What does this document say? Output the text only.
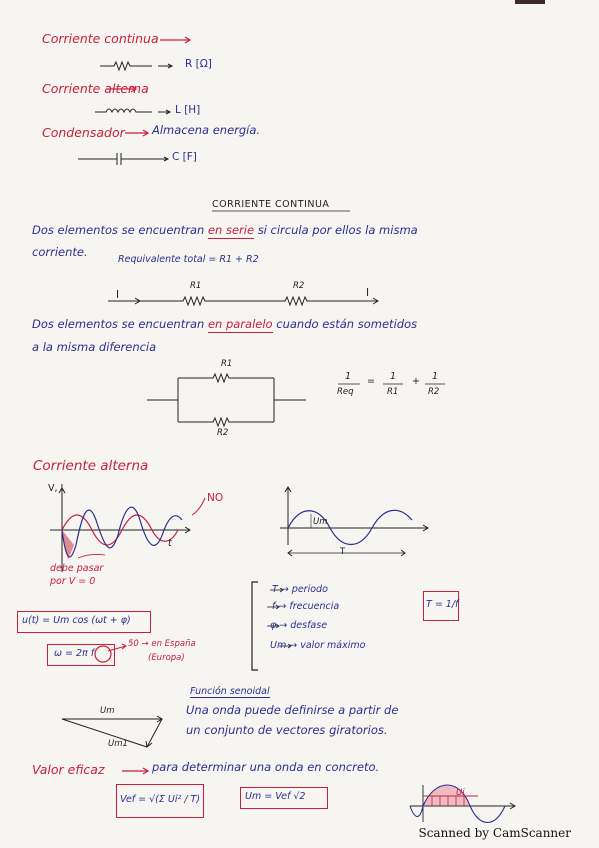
Corriente continua
R [Ω]
Corriente alterna
L [H]
Condensador Almacena energía.
C [F]
CORRIENTE CONTINUA
Dos elementos se encuentran en serie si circula por ellos la misma
corriente.
Requivalente total = R1 + R2
I
R1	R2
I
Dos elementos se encuentran en paralelo cuando están sometidos
a la misma diferencia
R1
R2
1
Req
= 1
R1
+ 1
R2
Corriente alterna
V, I
NO
t
debe pasar
por V = 0
Um
T
T → periodo
f → frecuencia
φ → desfase
Um → valor máximo
T = 1/f
u(t) = Um cos (ωt + φ)
ω = 2π f
50 → en España
(Europa)
Función senoidal
Um
Um1
Una onda puede definirse a partir de
un conjunto de vectores giratorios.
Valor eficaz	para determinar una onda en concreto.
Vef = √(Σ Ui² / T)	Um = Vef √2	Ui
Scanned by CamScanner
